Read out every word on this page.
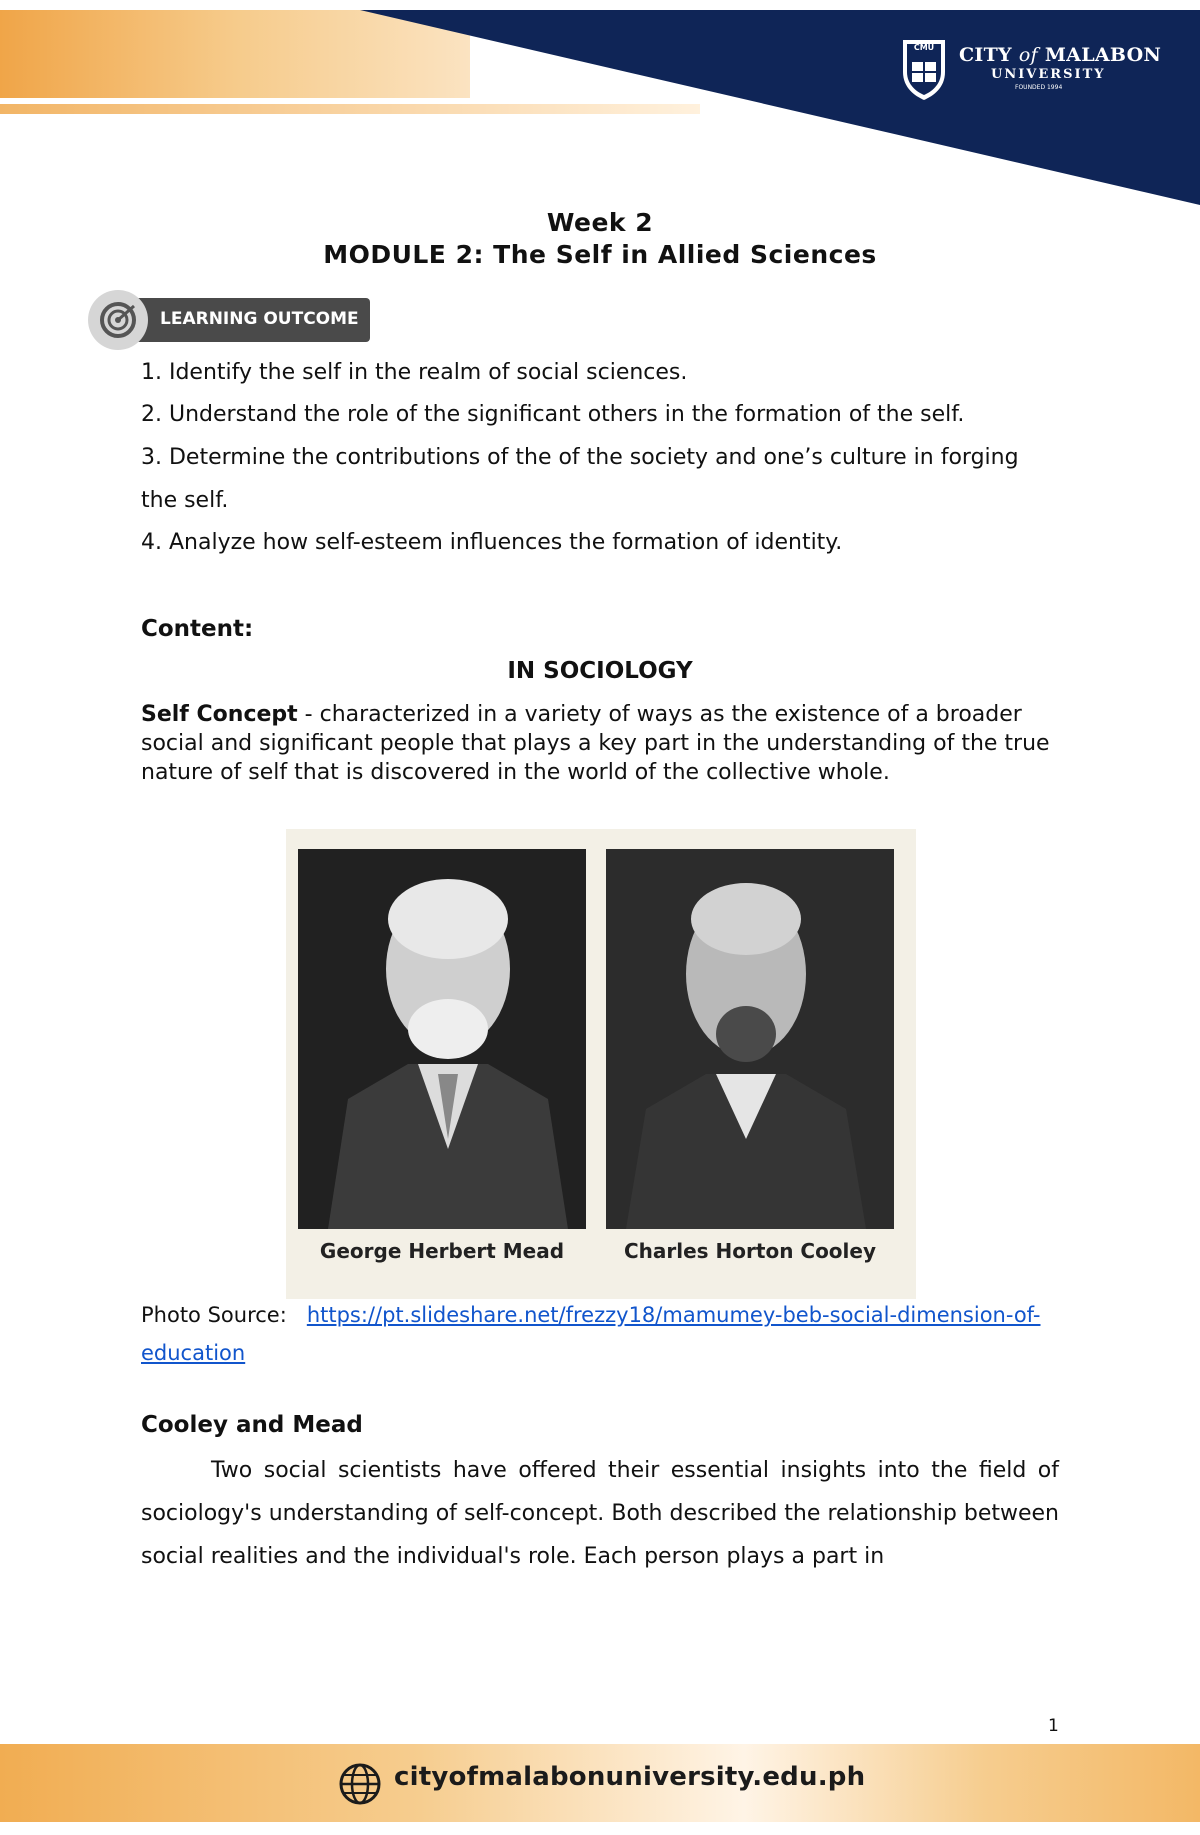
CMU CITY of MALABON
UNIVERSITY
FOUNDED 1994
Week 2
MODULE 2: The Self in Allied Sciences
LEARNING OUTCOME
1. Identify the self in the realm of social sciences.
2. Understand the role of the significant others in the formation of the self.
3. Determine the contributions of the of the society and one’s culture in forging
the self.
4. Analyze how self-esteem influences the formation of identity.
Content:
IN SOCIOLOGY
Self Concept - characterized in a variety of ways as the existence of a broader social and significant people that plays a key part in the understanding of the true nature of self that is discovered in the world of the collective whole.
George Herbert Mead	Charles Horton Cooley
Photo Source: https://pt.slideshare.net/frezzy18/mamumey-beb-social-dimension-of-education
Cooley and Mead
Two social scientists have offered their essential insights into the field of sociology's understanding of self-concept. Both described the relationship between social realities and the individual's role. Each person plays a part in
1
cityofmalabonuniversity.edu.ph
